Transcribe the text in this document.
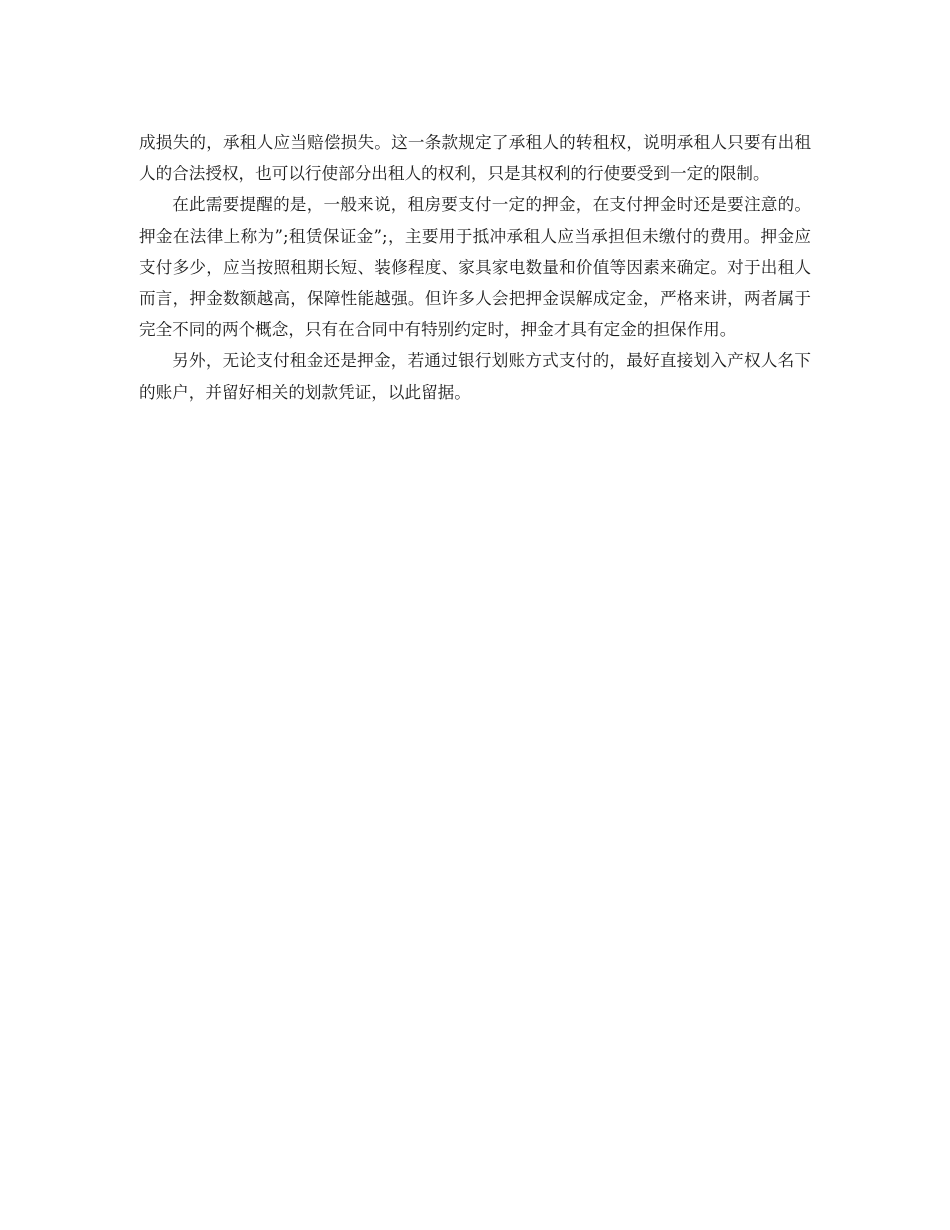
成损失的，承租人应当赔偿损失。这一条款规定了承租人的转租权，说明承租人只要有出租人的合法授权，也可以行使部分出租人的权利，只是其权利的行使要受到一定的限制。

在此需要提醒的是，一般来说，租房要支付一定的押金，在支付押金时还是要注意的。押金在法律上称为”;租赁保证金”;，主要用于抵冲承租人应当承担但未缴付的费用。押金应支付多少，应当按照租期长短、装修程度、家具家电数量和价值等因素来确定。对于出租人而言，押金数额越高，保障性能越强。但许多人会把押金误解成定金，严格来讲，两者属于完全不同的两个概念，只有在合同中有特别约定时，押金才具有定金的担保作用。

另外，无论支付租金还是押金，若通过银行划账方式支付的，最好直接划入产权人名下的账户，并留好相关的划款凭证，以此留据。
